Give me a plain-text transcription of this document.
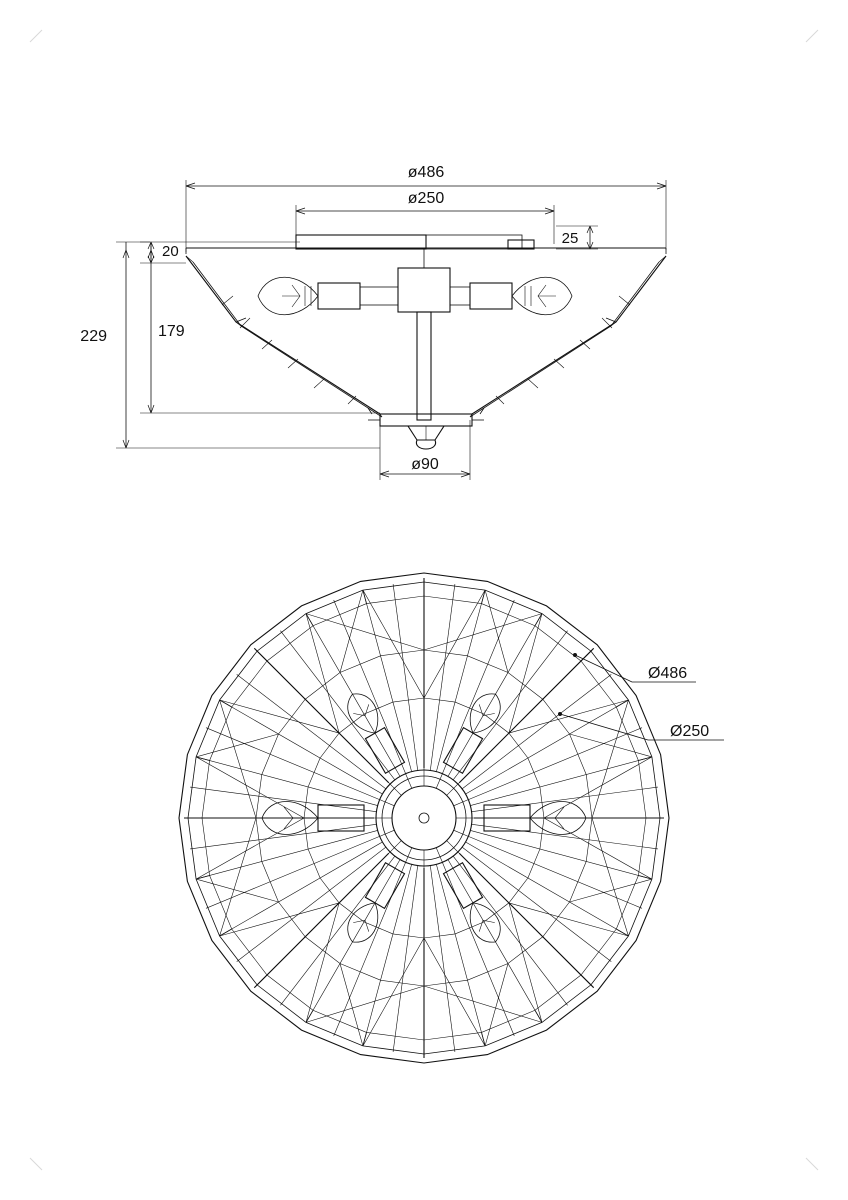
ø486
ø250
25
20
179
229
ø90
Ø486
Ø250
